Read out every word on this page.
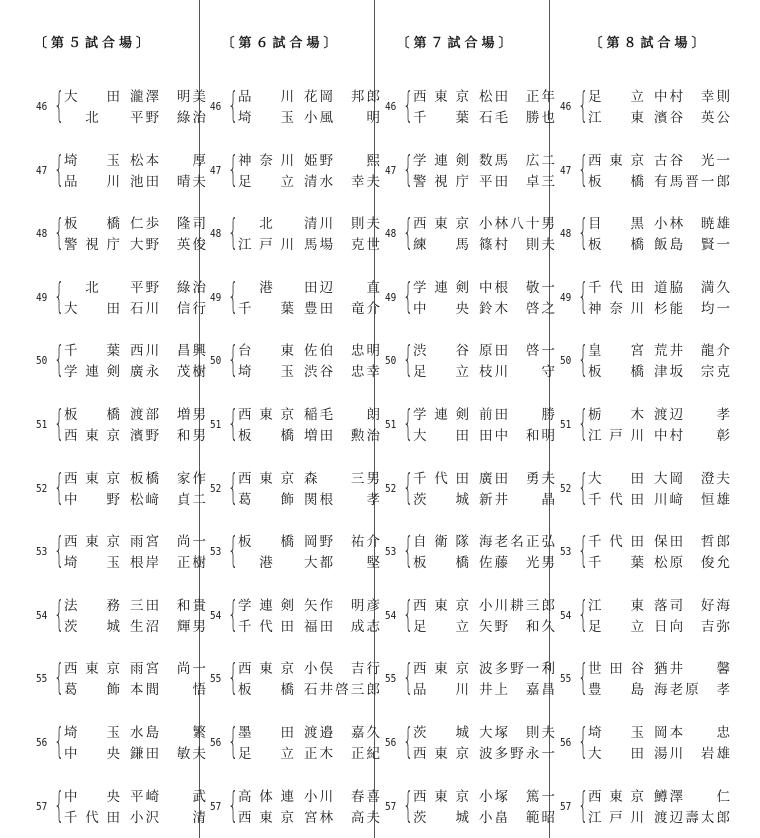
〔第５試合場〕
46 { 大　田 瀧澤　明美
北 平野　綠治
47 { 埼　玉 松本　　厚
品　川 池田　晴夫
48 { 板　橋 仁歩　隆司
警視庁 大野　英俊
49 {	北 平野　綠治
大　田 石川　信行
50 { 千　葉 西川　昌興
学連剣 廣永　茂樹
51 { 板　橋 渡部　増男
西東京 濱野　和男
52 { 西東京 板橋　家作
中　野 松﨑　貞二
53 { 西東京 雨宮　尚一
埼　玉 根岸　正樹
54 { 法　務 三田　和貴
茨　城 生沼　輝男
55 { 西東京 雨宮　尚一
葛　飾 本間　　悟
56 { 埼　玉 水島　　繁
中　央 鎌田　敏夫
57 { 中　央 平崎　　武
千代田 小沢　　清
〔第６試合場〕
46 { 品　川 花岡　邦郎
埼　玉 小風　　明
47 { 神奈川 姫野　　熙
足　立 清水　幸夫
48 {	北 清川　則夫
江戸川 馬場　克世
49 {	港 田辺　　直
千　葉 豊田　竜介
50 { 台　東 佐伯　忠明
埼　玉 渋谷　忠幸
51 { 西東京 稲毛　　朗
板　橋 増田　勲治
52 { 西東京 森　　三男
葛　飾 関根　　孝
53 { 板　橋 岡野　祐介
港 大都　　堅
54 { 学連剣 矢作　明彦
千代田 福田　成志
55 { 西東京 小俣　吉行
板　橋 石井啓三郎
56 { 墨　田 渡邉　嘉久
足　立 正木　正紀
57 { 高体連 小川　春喜
西東京 宮林　高夫
〔第７試合場〕
46 { 西東京 松田　正年
千　葉 石毛　勝也
47 { 学連剣 数馬　広二
警視庁 平田　卓三
48 { 西東京 小林八十男
練　馬 篠村　則夫
49 { 学連剣 中根　敬一
中　央 鈴木　啓之
50 { 渋　谷 原田　啓一
足　立 枝川　　守
51 { 学連剣 前田　　勝
大　田 田中　和明
52 { 千代田 廣田　勇夫
茨　城 新井　　晶
53 { 自衛隊 海老名正弘
板　橋 佐藤　光男
54 { 西東京 小川耕三郎
足　立 矢野　和久
55 { 西東京 波多野一利
品　川 井上　嘉昌
56 { 茨　城 大塚　則夫
西東京 波多野永一
57 { 西東京 小塚　篤一
茨　城 小畠　範昭
〔第８試合場〕
46 { 足　立 中村　幸則
江　東 濱谷　英公
47 { 西東京 古谷　光一
板　橋 有馬晋一郎
48 { 目　黒 小林　暁雄
板　橋 飯島　賢一
49 { 千代田 道脇　満久
神奈川 杉能　均一
50 { 皇　宮 荒井　龍介
板　橋 津坂　宗克
51 { 栃　木 渡辺　　孝
江戸川 中村　　彰
52 { 大　田 大岡　澄夫
千代田 川﨑　恒雄
53 { 千代田 保田　哲郎
千　葉 松原　俊允
54 { 江　東 落司　好海
足　立 日向　吉弥
55 { 世田谷 猶井　　馨
豊　島 海老原　孝
56 { 埼　玉 岡本　　忠
大　田 湯川　岩雄
57 { 西東京 鱒澤　　仁
江戸川 渡辺壽太郎
